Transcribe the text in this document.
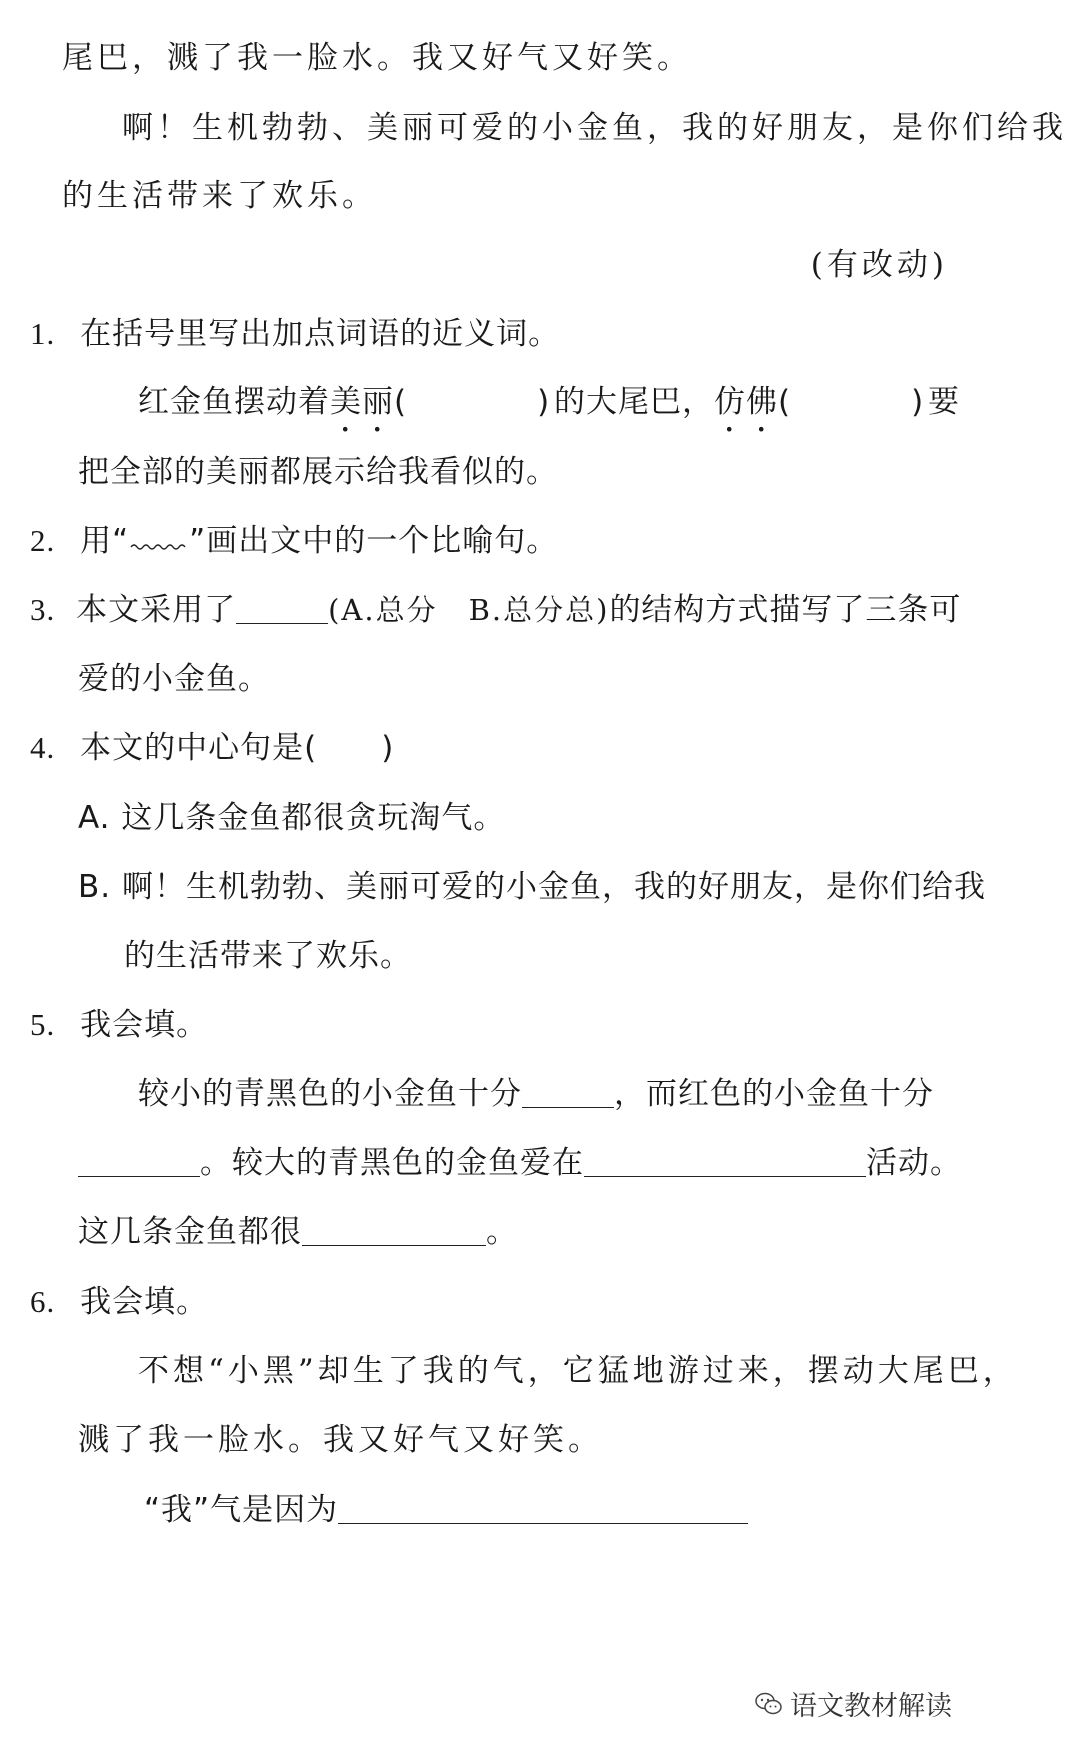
尾巴，溅了我一脸水。我又好气又好笑。
啊！生机勃勃、美丽可爱的小金鱼，我的好朋友，是你们给我
的生活带来了欢乐。
(有改动)
1. 在括号里写出加点词语的近义词。
红金鱼摆动着美丽(	) 的大尾巴，仿佛(	) 要
把全部的美丽都展示给我看似的。
2. 用“ ”画出文中的一个比喻句。
3. 本文采用了	(A.总分　B.总分总)的结构方式描写了三条可
爱的小金鱼。
4. 本文的中心句是(　　)
A. 这几条金鱼都很贪玩淘气。
B. 啊！生机勃勃、美丽可爱的小金鱼，我的好朋友，是你们给我
的生活带来了欢乐。
5. 我会填。
较小的青黑色的小金鱼十分	，而红色的小金鱼十分
。较大的青黑色的金鱼爱在	活动。
这几条金鱼都很	。
6. 我会填。
不想“小黑”却生了我的气，它猛地游过来，摆动大尾巴，
溅了我一脸水。我又好气又好笑。
“我”气是因为
语文教材解读
